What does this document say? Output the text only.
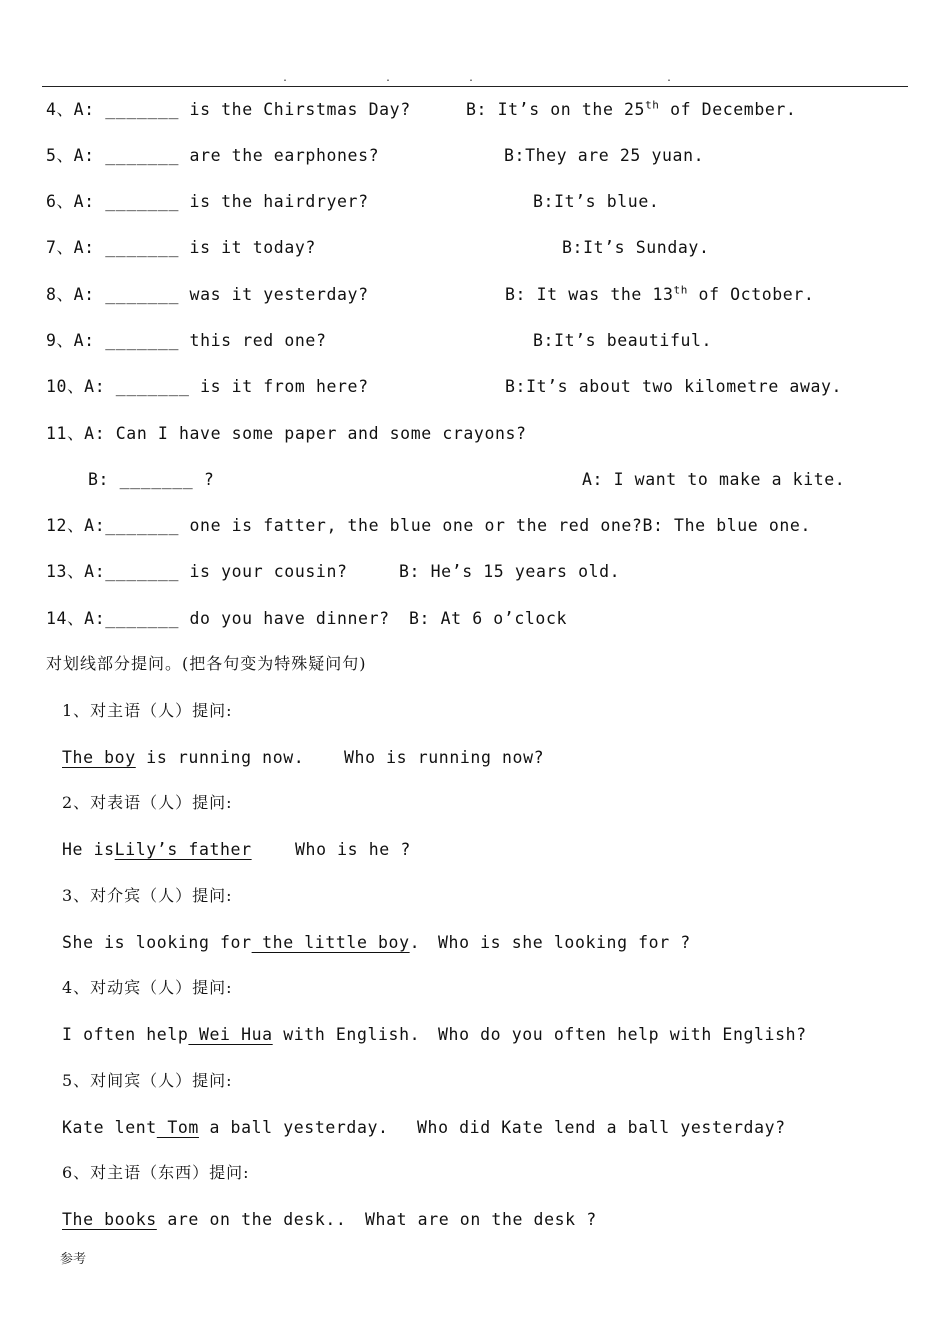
.	.	.	.
4、A: _______ is the Chirstmas Day?	B: It’s on the 25th of December.
5、A: _______ are the earphones?	B:They are 25 yuan.
6、A: _______ is the hairdryer?	B:It’s blue.
7、A: _______ is it today?	B:It’s Sunday.
8、A: _______ was it yesterday?	B: It was the 13th of October.
9、A: _______ this red one?	B:It’s beautiful.
10、A: _______ is it from here?	B:It’s about two kilometre away.
11、A: Can I have some paper and some crayons?
B: _______ ?	A: I want to make a kite.
12、A:_______ one is fatter, the blue one or the red one?B: The blue one.
13、A:_______ is your cousin?	B: He’s 15 years old.
14、A:_______ do you have dinner? B: At 6 o’clock
对划线部分提问。(把各句变为特殊疑问句)
1、对主语（人）提问:
The boy is running now. Who is running now?
2、对表语（人）提问:
He isLily’s father	Who is he ?
3、对介宾（人）提问:
She is looking for the little boy. Who is she looking for ?
4、对动宾（人）提问:
I often help Wei Hua with English. Who do you often help with English?
5、对间宾（人）提问:
Kate lent Tom a ball yesterday. Who did Kate lend a ball yesterday?
6、对主语（东西）提问:
The books are on the desk.. What are on the desk ?
参考
